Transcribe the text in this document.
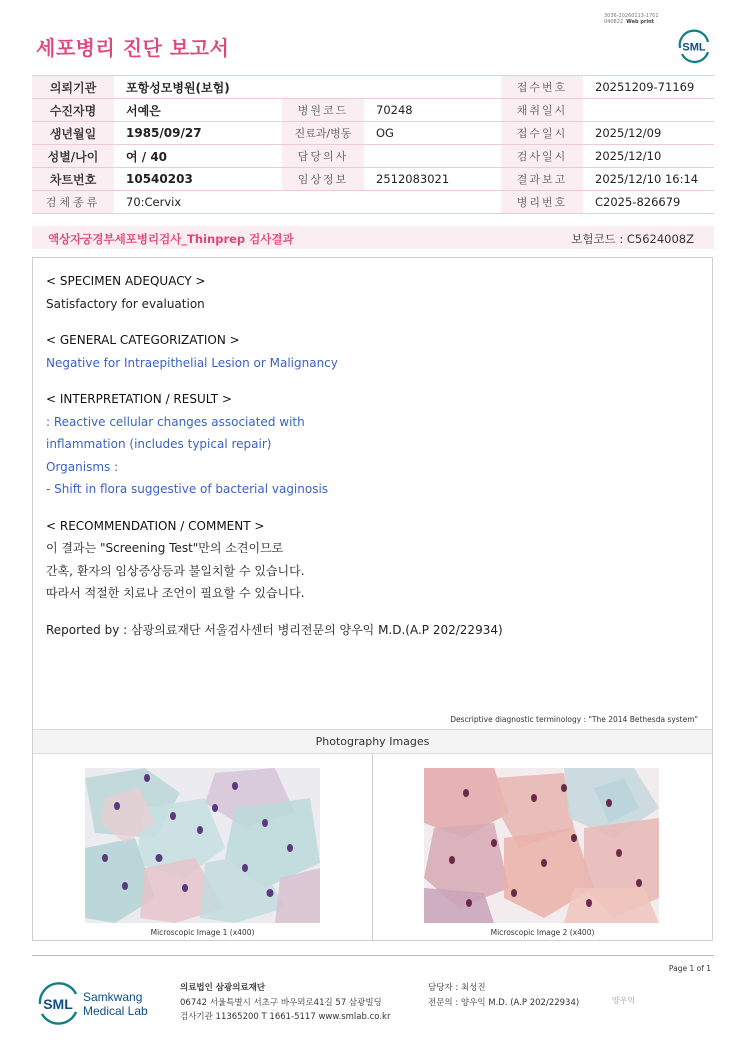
3036-20260113-1701
040822 Web print
세포병리 진단 보고서	SML
의뢰기관	포항성모병원(보험)			접수번호	20251209-71169
수진자명	서예은	병원코드	70248	채취일시	
생년월일	1985/09/27	진료과/병동	OG	접수일시	2025/12/09
성별/나이	여 / 40	담당의사		검사일시	2025/12/10
차트번호	10540203	임상정보	2512083021	결과보고	2025/12/10 16:14
검체종류	70:Cervix			병리번호	C2025-826679
액상자궁경부세포병리검사_Thinprep 검사결과	보험코드 : C5624008Z
< SPECIMEN ADEQUACY >
Satisfactory for evaluation
< GENERAL CATEGORIZATION >
Negative for Intraepithelial Lesion or Malignancy
< INTERPRETATION / RESULT >
: Reactive cellular changes associated with
inflammation (includes typical repair)
Organisms :
- Shift in flora suggestive of bacterial vaginosis
< RECOMMENDATION / COMMENT >
이 결과는 "Screening Test"만의 소견이므로
간혹, 환자의 임상증상등과 불일치할 수 있습니다.
따라서 적절한 치료나 조언이 필요할 수 있습니다.
Reported by : 삼광의료재단 서울검사센터 병리전문의 양우익 M.D.(A.P 202/22934)
Descriptive diagnostic terminology : "The 2014 Bethesda system"
Photography Images
Microscopic Image 1 (x400)	Microscopic Image 2 (x400)
Page 1 of 1
SML Samkwang
Medical Lab
의료법인 삼광의료재단
06742 서울특별시 서초구 바우뫼로41길 57 삼광빌딩
검사기관 11365200 T 1661-5117 www.smlab.co.kr
담당자 : 최성진
전문의 : 양우익 M.D. (A.P 202/22934)	양우익
